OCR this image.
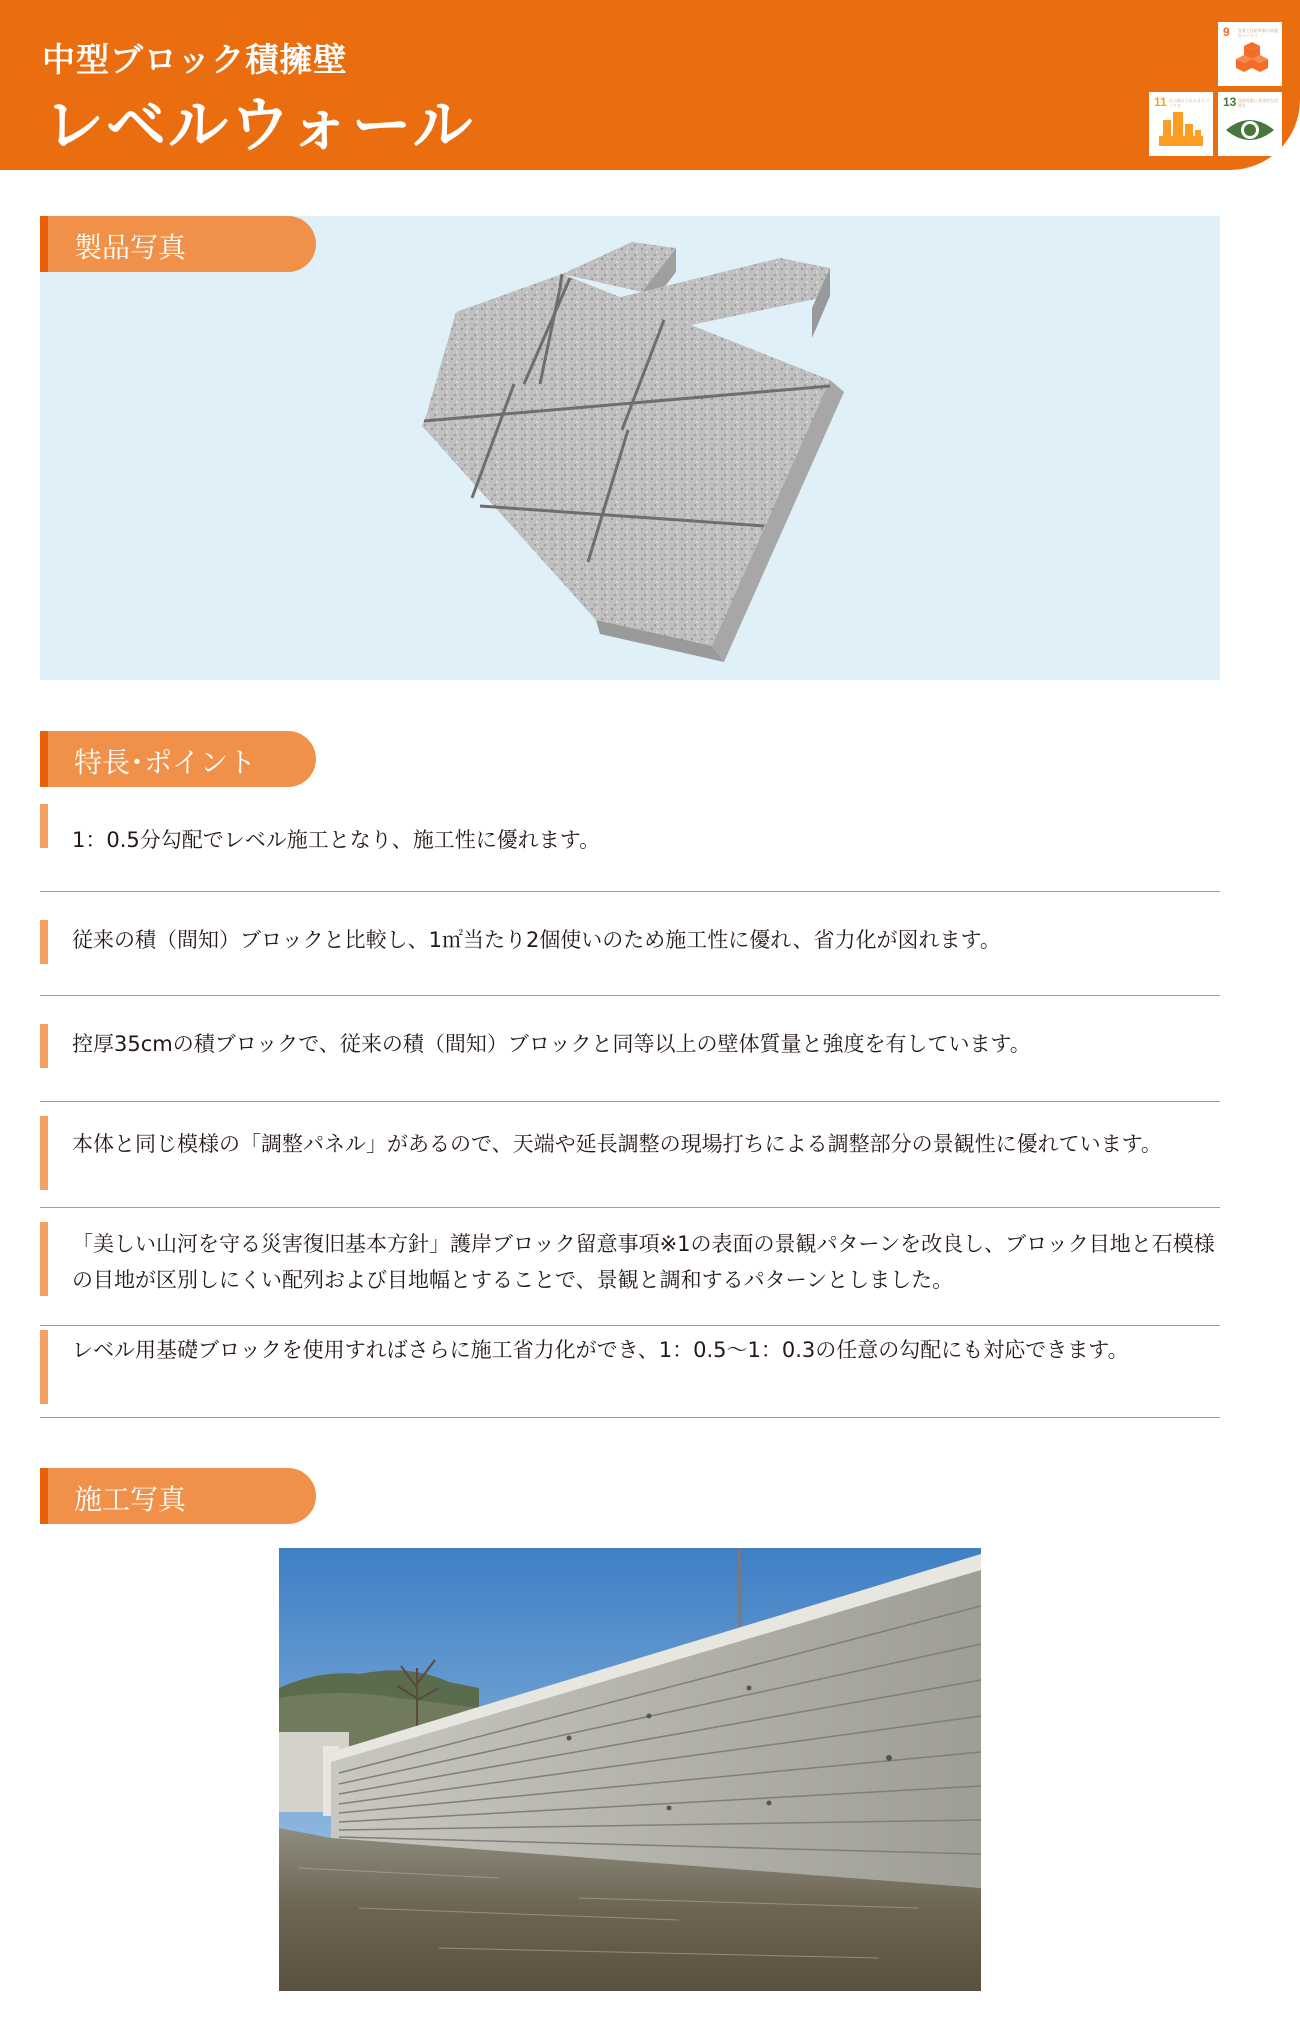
中型ブロック積擁壁
レベルウォール
9 産業と技術革新の基盤をつくろう
11 住み続けられるまちづくりを	13 気候変動に具体的な対策を
製品写真
特長･ポイント
1：0.5分勾配でレベル施工となり、施工性に優れます。
従来の積（間知）ブロックと比較し、1㎡当たり2個使いのため施工性に優れ、省力化が図れます。
控厚35cmの積ブロックで、従来の積（間知）ブロックと同等以上の壁体質量と強度を有しています。
本体と同じ模様の「調整パネル」があるので、天端や延長調整の現場打ちによる調整部分の景観性に優れています。
「美しい山河を守る災害復旧基本方針」護岸ブロック留意事項※1の表面の景観パターンを改良し、ブロック目地と石模様の目地が区別しにくい配列および目地幅とすることで、景観と調和するパターンとしました。
レベル用基礎ブロックを使用すればさらに施工省力化ができ、1：0.5～1：0.3の任意の勾配にも対応できます。
施工写真
